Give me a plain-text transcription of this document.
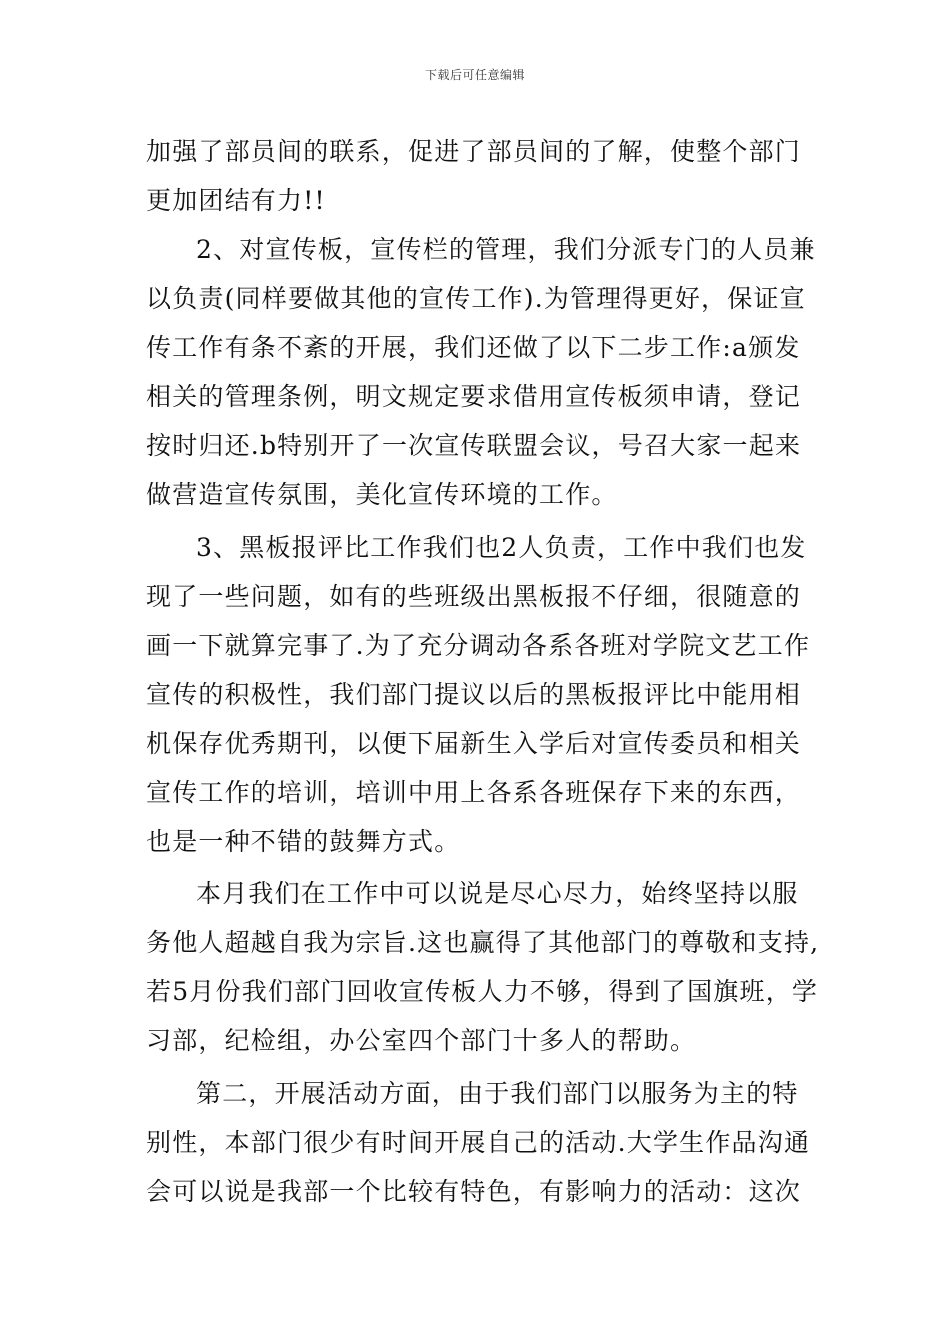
下载后可任意编辑
加强了部员间的联系，促进了部员间的了解，使整个部门
更加团结有力!!
2、对宣传板，宣传栏的管理，我们分派专门的人员兼
以负责(同样要做其他的宣传工作).为管理得更好，保证宣
传工作有条不紊的开展，我们还做了以下二步工作:a颁发
相关的管理条例，明文规定要求借用宣传板须申请，登记
按时归还.b特别开了一次宣传联盟会议，号召大家一起来
做营造宣传氛围，美化宣传环境的工作。
3、黑板报评比工作我们也2人负责，工作中我们也发
现了一些问题，如有的些班级出黑板报不仔细，很随意的
画一下就算完事了.为了充分调动各系各班对学院文艺工作
宣传的积极性，我们部门提议以后的黑板报评比中能用相
机保存优秀期刊，以便下届新生入学后对宣传委员和相关
宣传工作的培训，培训中用上各系各班保存下来的东西，
也是一种不错的鼓舞方式。
本月我们在工作中可以说是尽心尽力，始终坚持以服
务他人超越自我为宗旨.这也赢得了其他部门的尊敬和支持,
若5月份我们部门回收宣传板人力不够，得到了国旗班，学
习部，纪检组，办公室四个部门十多人的帮助。
第二，开展活动方面，由于我们部门以服务为主的特
别性，本部门很少有时间开展自己的活动.大学生作品沟通
会可以说是我部一个比较有特色，有影响力的活动：这次
